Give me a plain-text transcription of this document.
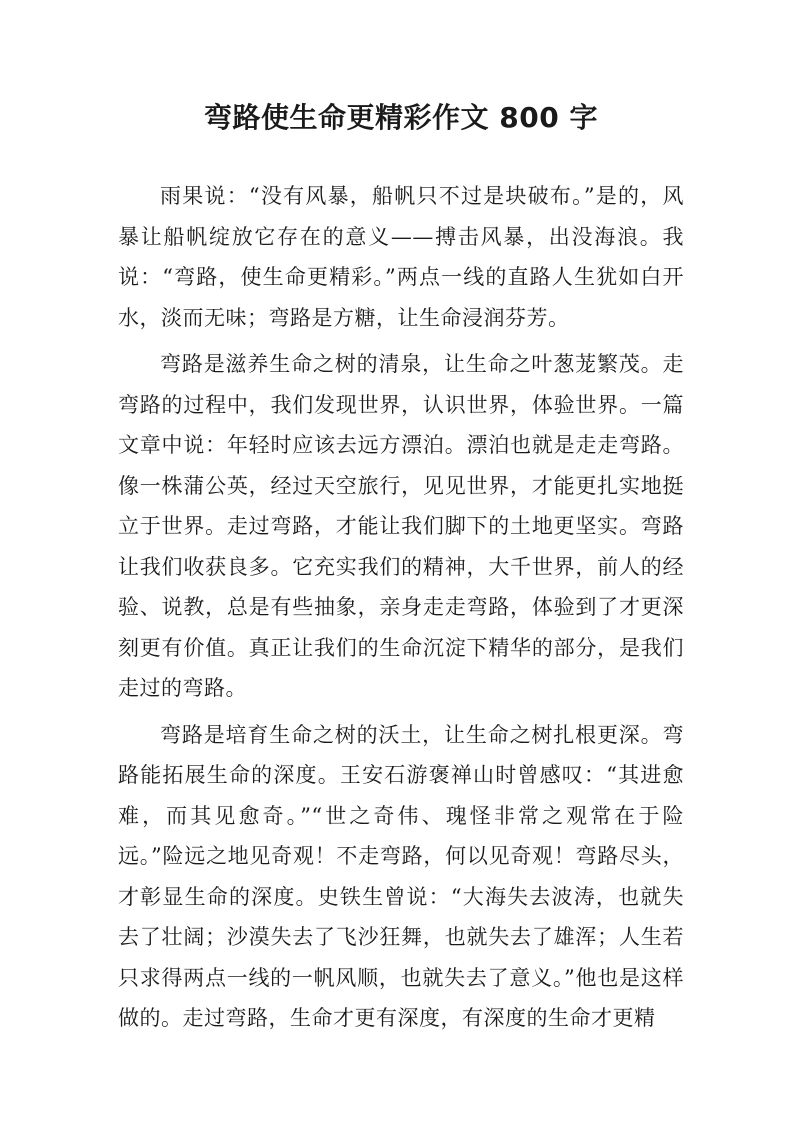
弯路使生命更精彩作文 800 字

雨果说：“没有风暴，船帆只不过是块破布。”是的，风暴让船帆绽放它存在的意义——搏击风暴，出没海浪。我说：“弯路，使生命更精彩。”两点一线的直路人生犹如白开水，淡而无味；弯路是方糖，让生命浸润芬芳。

弯路是滋养生命之树的清泉，让生命之叶葱茏繁茂。走弯路的过程中，我们发现世界，认识世界，体验世界。一篇文章中说：年轻时应该去远方漂泊。漂泊也就是走走弯路。像一株蒲公英，经过天空旅行，见见世界，才能更扎实地挺立于世界。走过弯路，才能让我们脚下的土地更坚实。弯路让我们收获良多。它充实我们的精神，大千世界，前人的经验、说教，总是有些抽象，亲身走走弯路，体验到了才更深刻更有价值。真正让我们的生命沉淀下精华的部分，是我们走过的弯路。

弯路是培育生命之树的沃土，让生命之树扎根更深。弯路能拓展生命的深度。王安石游褒禅山时曾感叹：“其进愈难，而其见愈奇。”“世之奇伟、瑰怪非常之观常在于险远。”险远之地见奇观！不走弯路，何以见奇观！弯路尽头，才彰显生命的深度。史铁生曾说：“大海失去波涛，也就失去了壮阔；沙漠失去了飞沙狂舞，也就失去了雄浑；人生若只求得两点一线的一帆风顺，也就失去了意义。”他也是这样做的。走过弯路，生命才更有深度，有深度的生命才更精
